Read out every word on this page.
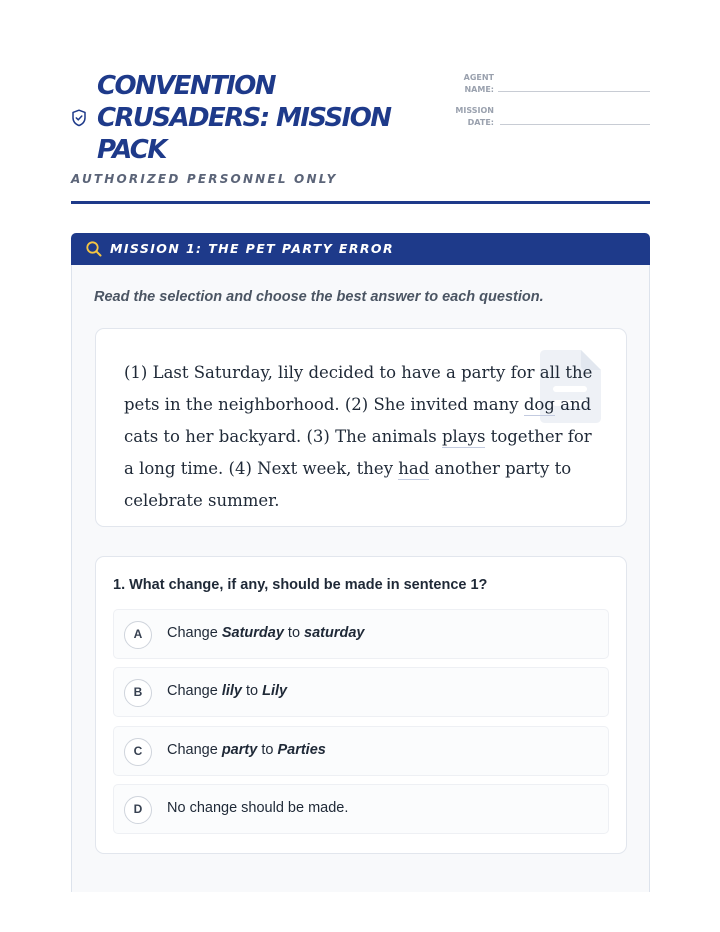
CONVENTION CRUSADERS: MISSION PACK
AUTHORIZED PERSONNEL ONLY
AGENT
NAME:
MISSION
DATE:
MISSION 1: THE PET PARTY ERROR
Read the selection and choose the best answer to each question.

(1) Last Saturday, lily decided to have a party for all the pets in the neighborhood. (2) She invited many dog and cats to her backyard. (3) The animals plays together for a long time. (4) Next week, they had another party to celebrate summer.

1. What change, if any, should be made in sentence 1?
A	Change Saturday to saturday
B	Change lily to Lily
C	Change party to Parties
D	No change should be made.
